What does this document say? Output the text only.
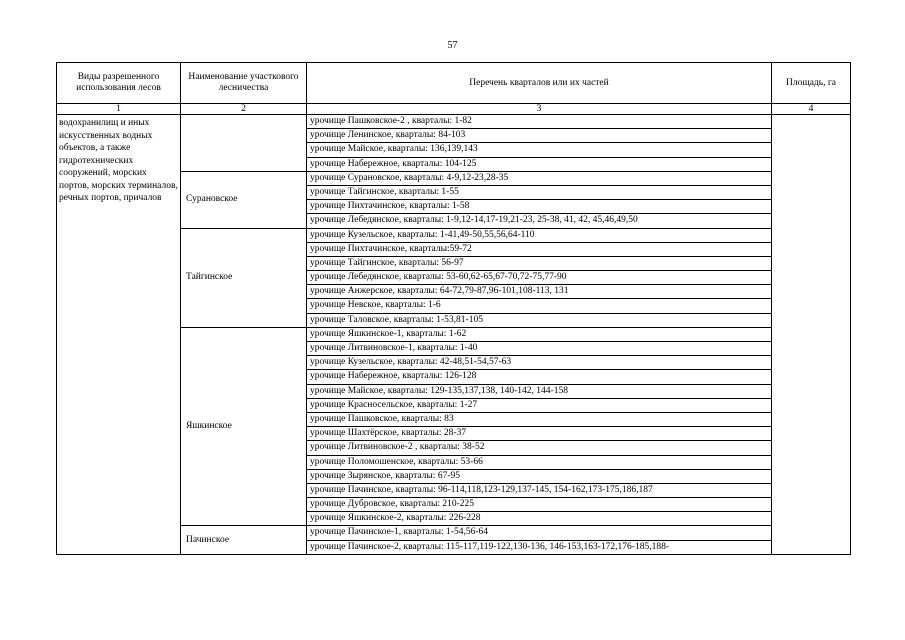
57
Виды разрешенного использования лесов	Наименование участкового лесничества	Перечень кварталов или их частей	Площадь, га
1	2	3	4
водохранилищ и иных искусственных водных объектов, а также гидротехнических сооружений, морских портов, морских терминалов, речных портов, причалов		урочище Пашковское-2 , кварталы: 1-82	
		урочище Ленинское, кварталы: 84-103	
		урочище Майское, кварталы: 136,139,143	
		урочище Набережное, кварталы: 104-125	
	Сурановское	урочище Сурановское, кварталы: 4-9,12-23,28-35	
		урочище Тайгинское, кварталы: 1-55	
		урочище Пихтачинское, кварталы: 1-58	
		урочище Лебедянское, кварталы: 1-9,12-14,17-19,21-23, 25-38, 41, 42, 45,46,49,50	
	Тайгинское	урочище Кузельское, кварталы: 1-41,49-50,55,56,64-110	
		урочище Пихтачинское, кварталы:59-72	
		урочище Тайгинское, кварталы: 56-97	
		урочище Лебедянское, кварталы: 53-60,62-65,67-70,72-75,77-90	
		урочище Анжерское, кварталы: 64-72,79-87,96-101,108-113, 131	
		урочище Невское, кварталы: 1-6	
		урочище Таловское, кварталы: 1-53,81-105	
	Яшкинское	урочище Яшкинское-1, кварталы: 1-62	
		урочище Литвиновское-1, кварталы: 1-40	
		урочище Кузельское, кварталы: 42-48,51-54,57-63	
		урочище Набережное, кварталы: 126-128	
		урочище Майское, кварталы: 129-135,137,138, 140-142, 144-158	
		урочище Красносельское, кварталы: 1-27	
		урочище Пашковское, кварталы: 83	
		урочище Шахтёрское, кварталы: 28-37	
		урочище Литвиновское-2 , кварталы: 38-52	
		урочище Поломошенское, кварталы: 53-66	
		урочище Зырянское, кварталы: 67-95	
		урочище Пачинское, кварталы: 96-114,118,123-129,137-145, 154-162,173-175,186,187	
		урочище Дубровское, кварталы: 210-225	
		урочище Яшкинское-2, кварталы: 226-228	
	Пачинское	урочище Пачинское-1, кварталы: 1-54,56-64	
		урочище Пачинское-2, кварталы: 115-117,119-122,130-136, 146-153,163-172,176-185,188-	
